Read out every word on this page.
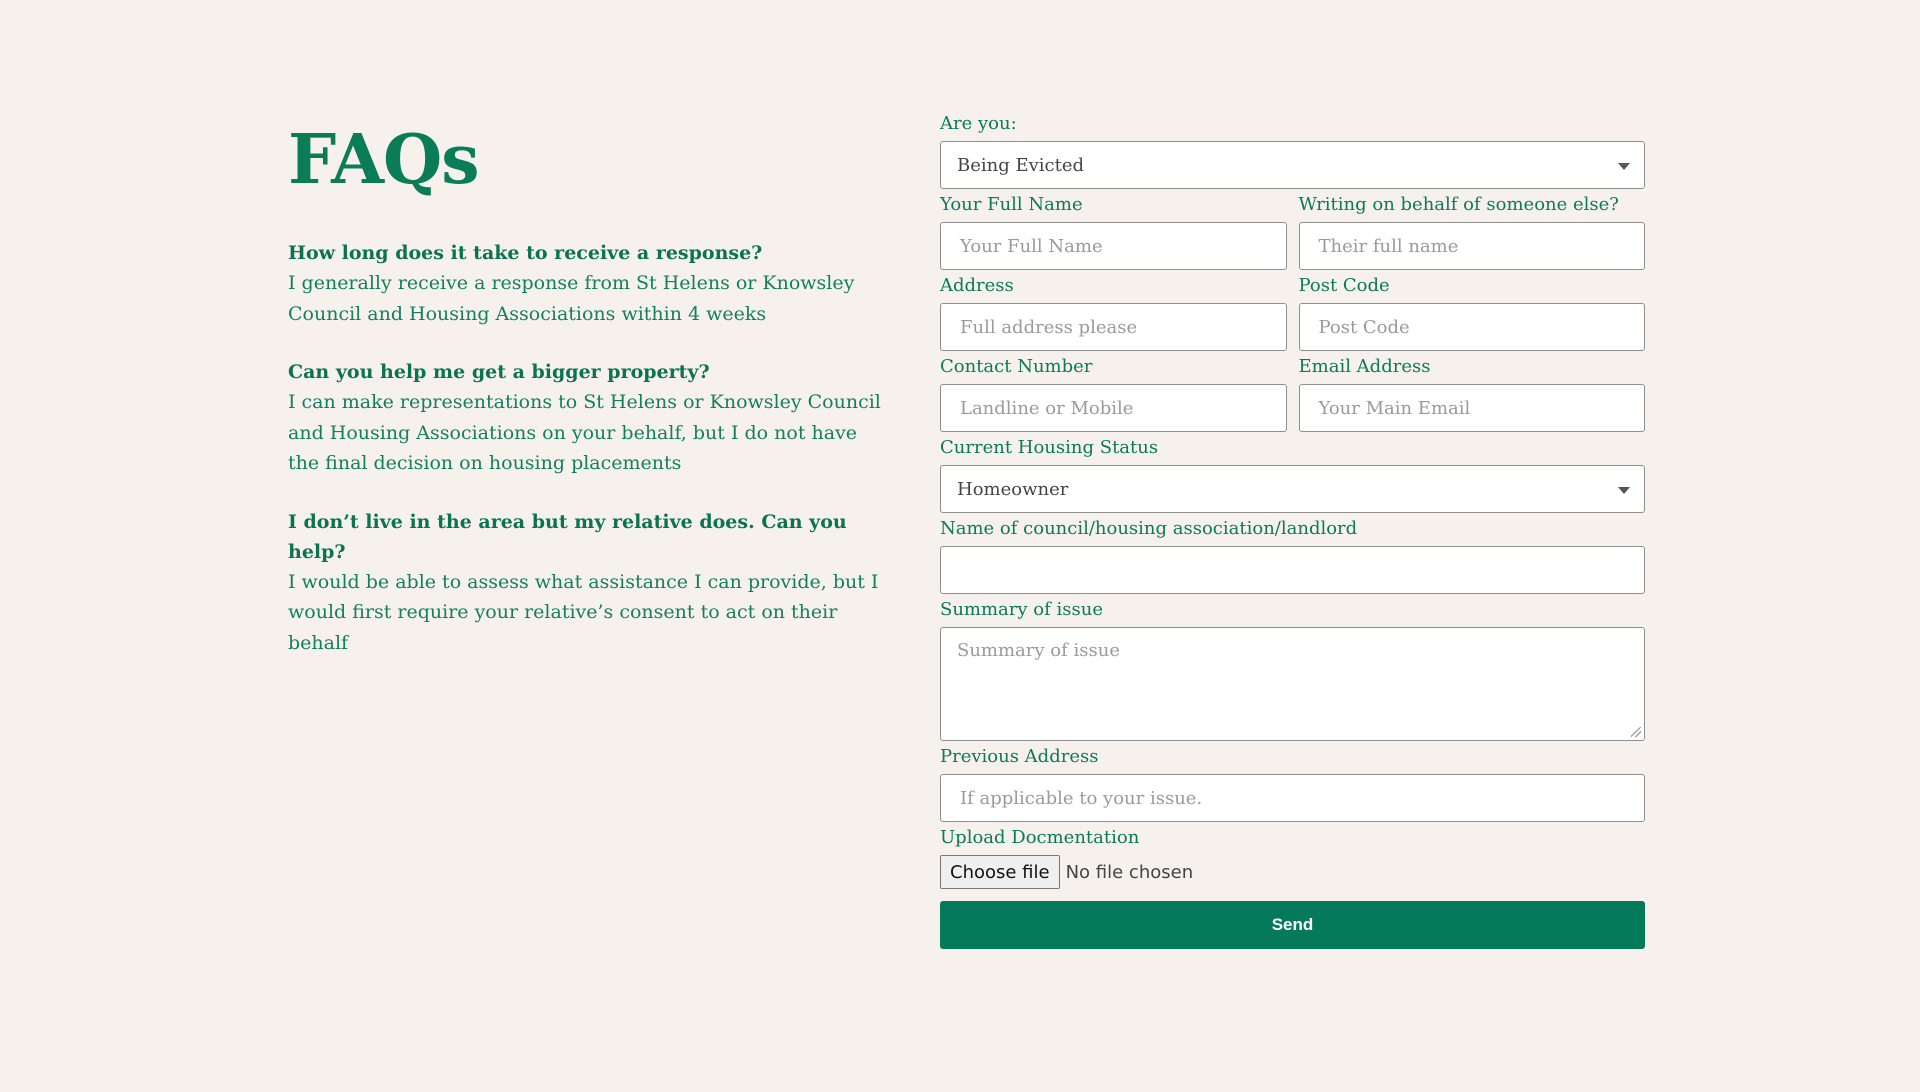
FAQs

How long does it take to receive a response?

I generally receive a response from St Helens or Knowsley Council and Housing Associations within 4 weeks

Can you help me get a bigger property?

I can make representations to St Helens or Knowsley Council and Housing Associations on your behalf, but I do not have the final decision on housing placements

I don’t live in the area but my relative does. Can you help?

I would be able to assess what assistance I can provide, but I would first require your relative’s consent to act on their behalf

Are you:
Being Evicted
Your Full Name
Your Full Name
Writing on behalf of someone else?
Their full name
Address
Full address please
Post Code
Post Code
Contact Number
Landline or Mobile
Email Address
Your Main Email
Current Housing Status
Homeowner
Name of council/housing association/landlord
Summary of issue
Summary of issue
Previous Address
If applicable to your issue.
Upload Docmentation
Choose file No file chosen
Send
